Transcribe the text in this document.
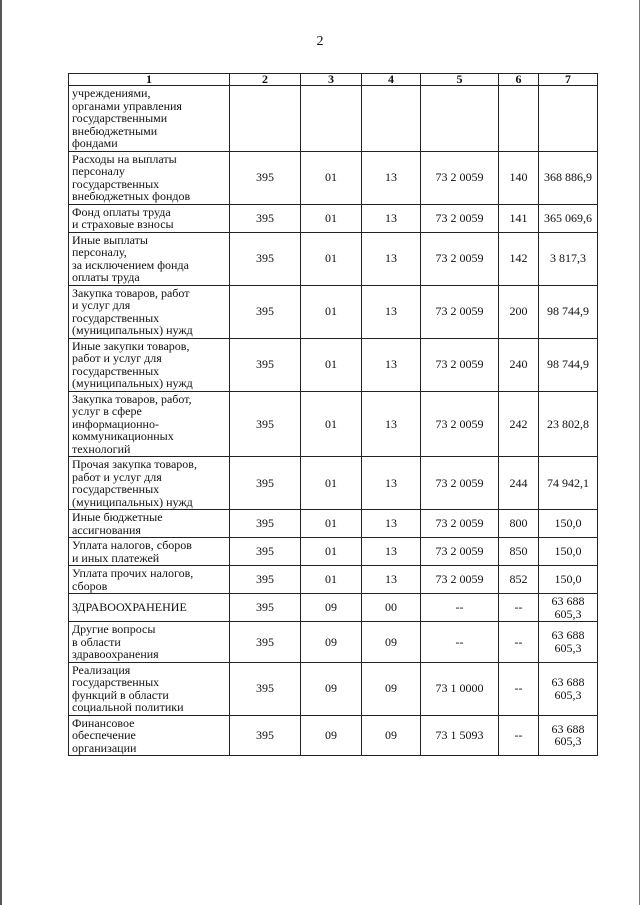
2
1	2	3	4	5	6	7

учреждениями,
органами управления
государственными
внебюджетными
фондами						

Расходы на выплаты
персоналу
государственных
внебюджетных фондов	395	01	13	73 2 0059	140	368 886,9

Фонд оплаты труда
и страховые взносы	395	01	13	73 2 0059	141	365 069,6

Иные выплаты
персоналу,
за исключением фонда
оплаты труда	395	01	13	73 2 0059	142	3 817,3

Закупка товаров, работ
и услуг для
государственных
(муниципальных) нужд	395	01	13	73 2 0059	200	98 744,9

Иные закупки товаров,
работ и услуг для
государственных
(муниципальных) нужд	395	01	13	73 2 0059	240	98 744,9

Закупка товаров, работ,
услуг в сфере
информационно-
коммуникационных
технологий	395	01	13	73 2 0059	242	23 802,8

Прочая закупка товаров,
работ и услуг для
государственных
(муниципальных) нужд	395	01	13	73 2 0059	244	74 942,1

Иные бюджетные
ассигнования	395	01	13	73 2 0059	800	150,0

Уплата налогов, сборов
и иных платежей	395	01	13	73 2 0059	850	150,0

Уплата прочих налогов,
сборов	395	01	13	73 2 0059	852	150,0

ЗДРАВООХРАНЕНИЕ	395	09	00	--	--	63 688 605,3

Другие вопросы
в области
здравоохранения	395	09	09	--	--	63 688 605,3

Реализация
государственных
функций в области
социальной политики	395	09	09	73 1 0000	--	63 688 605,3

Финансовое
обеспечение
организации	395	09	09	73 1 5093	--	63 688 605,3
